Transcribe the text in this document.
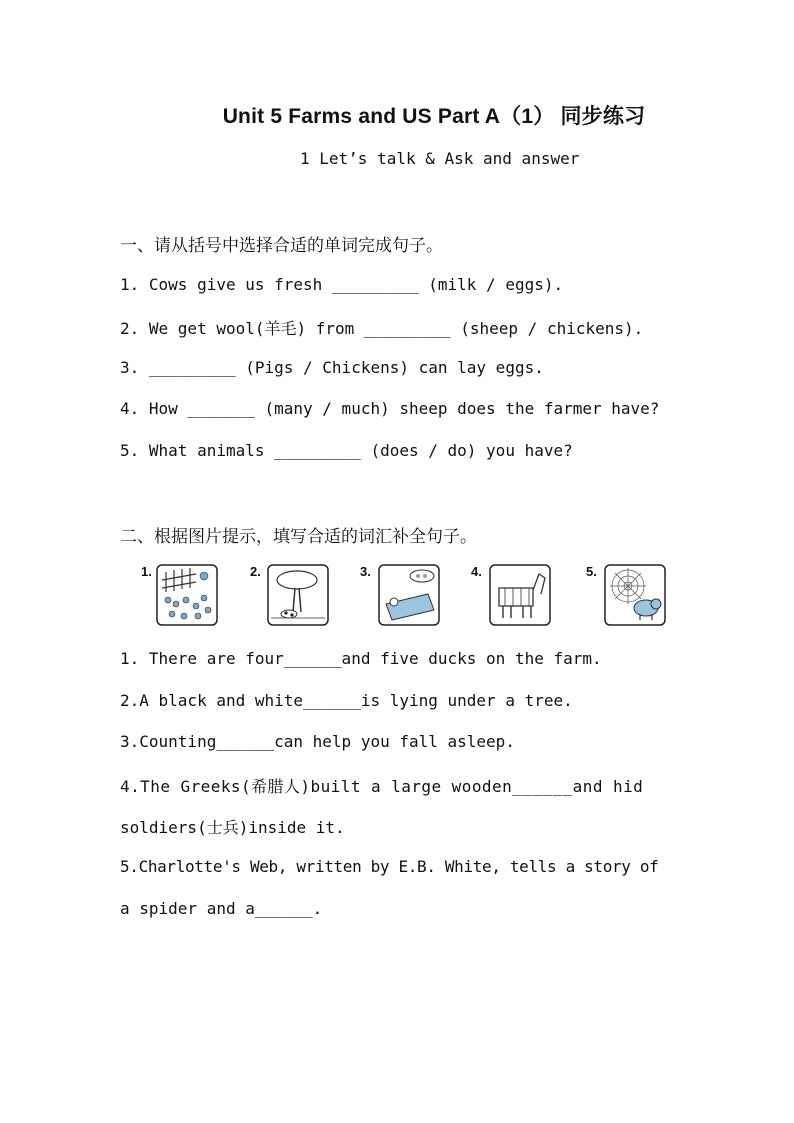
Unit 5 Farms and US Part A（1） 同步练习
1 Let’s talk & Ask and answer
一、请从括号中选择合适的单词完成句子。
1. Cows give us fresh _________ (milk / eggs).
2. We get wool(羊毛) from _________ (sheep / chickens).
3. _________ (Pigs / Chickens) can lay eggs.
4. How _______ (many / much) sheep does the farmer have?
5. What animals _________ (does / do) you have?
二、根据图片提示，填写合适的词汇补全句子。
1.	2.	3.	4.	5.
1. There are four______and five ducks on the farm.
2.A black and white______is lying under a tree.
3.Counting______can help you fall asleep.
4.The Greeks(希腊人)built a large wooden______and hid
soldiers(士兵)inside it.
5.Charlotte's Web, written by E.B. White, tells a story of
a spider and a______.
